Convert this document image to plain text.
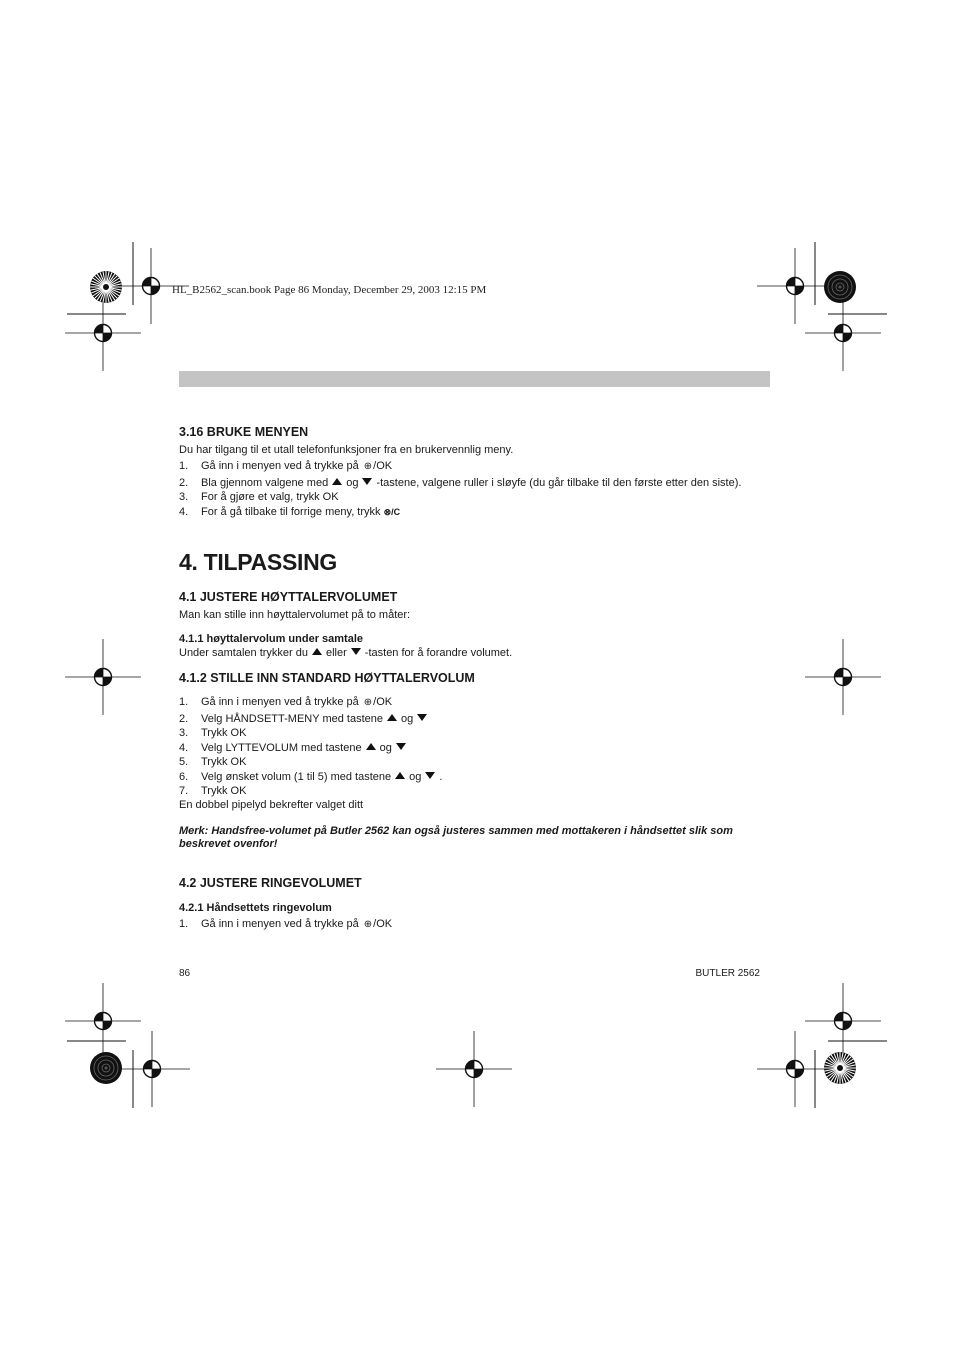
HL_B2562_scan.book Page 86 Monday, December 29, 2003 12:15 PM

3.16 BRUKE MENYEN

Du har tilgang til et utall telefonfunksjoner fra en brukervennlig meny.

1.	Gå inn i menyen ved å trykke på ⊕/OK
2.	Bla gjennom valgene med og -tastene, valgene ruller i sløyfe (du går tilbake til den første etter den siste).
3.	For å gjøre et valg, trykk OK
4.	For å gå tilbake til forrige meny, trykk ⊗/C

4. TILPASSING

4.1 JUSTERE HØYTTALERVOLUMET

Man kan stille inn høyttalervolumet på to måter:

4.1.1 høyttalervolum under samtale

Under samtalen trykker du eller -tasten for å forandre volumet.

4.1.2 STILLE INN STANDARD HØYTTALERVOLUM

1.	Gå inn i menyen ved å trykke på ⊕/OK
2.	Velg HÅNDSETT-MENY med tastene og
3.	Trykk OK
4.	Velg LYTTEVOLUM med tastene og
5.	Trykk OK
6.	Velg ønsket volum (1 til 5) med tastene og .
7.	Trykk OK

En dobbel pipelyd bekrefter valget ditt

Merk: Handsfree-volumet på Butler 2562 kan også justeres sammen med mottakeren i håndsettet slik som beskrevet ovenfor!

4.2 JUSTERE RINGEVOLUMET

4.2.1 Håndsettets ringevolum

1.	Gå inn i menyen ved å trykke på ⊕/OK
86	BUTLER 2562
